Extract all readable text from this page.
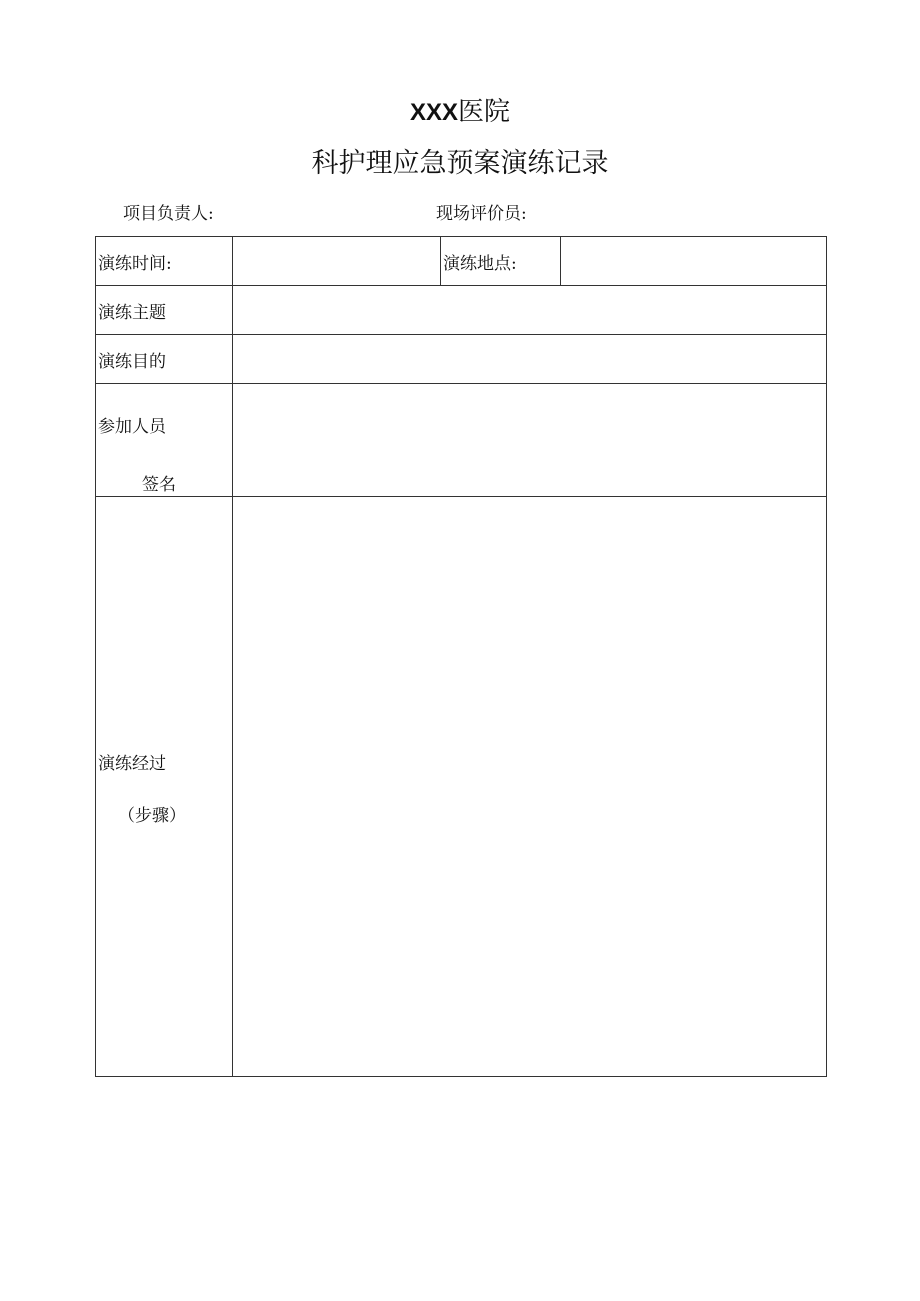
XXX医院
科护理应急预案演练记录
项目负责人:	现场评价员:
演练时间:		演练地点:	
演练主题			
演练目的			

参加人员
签名			

演练经过
（步骤）			
